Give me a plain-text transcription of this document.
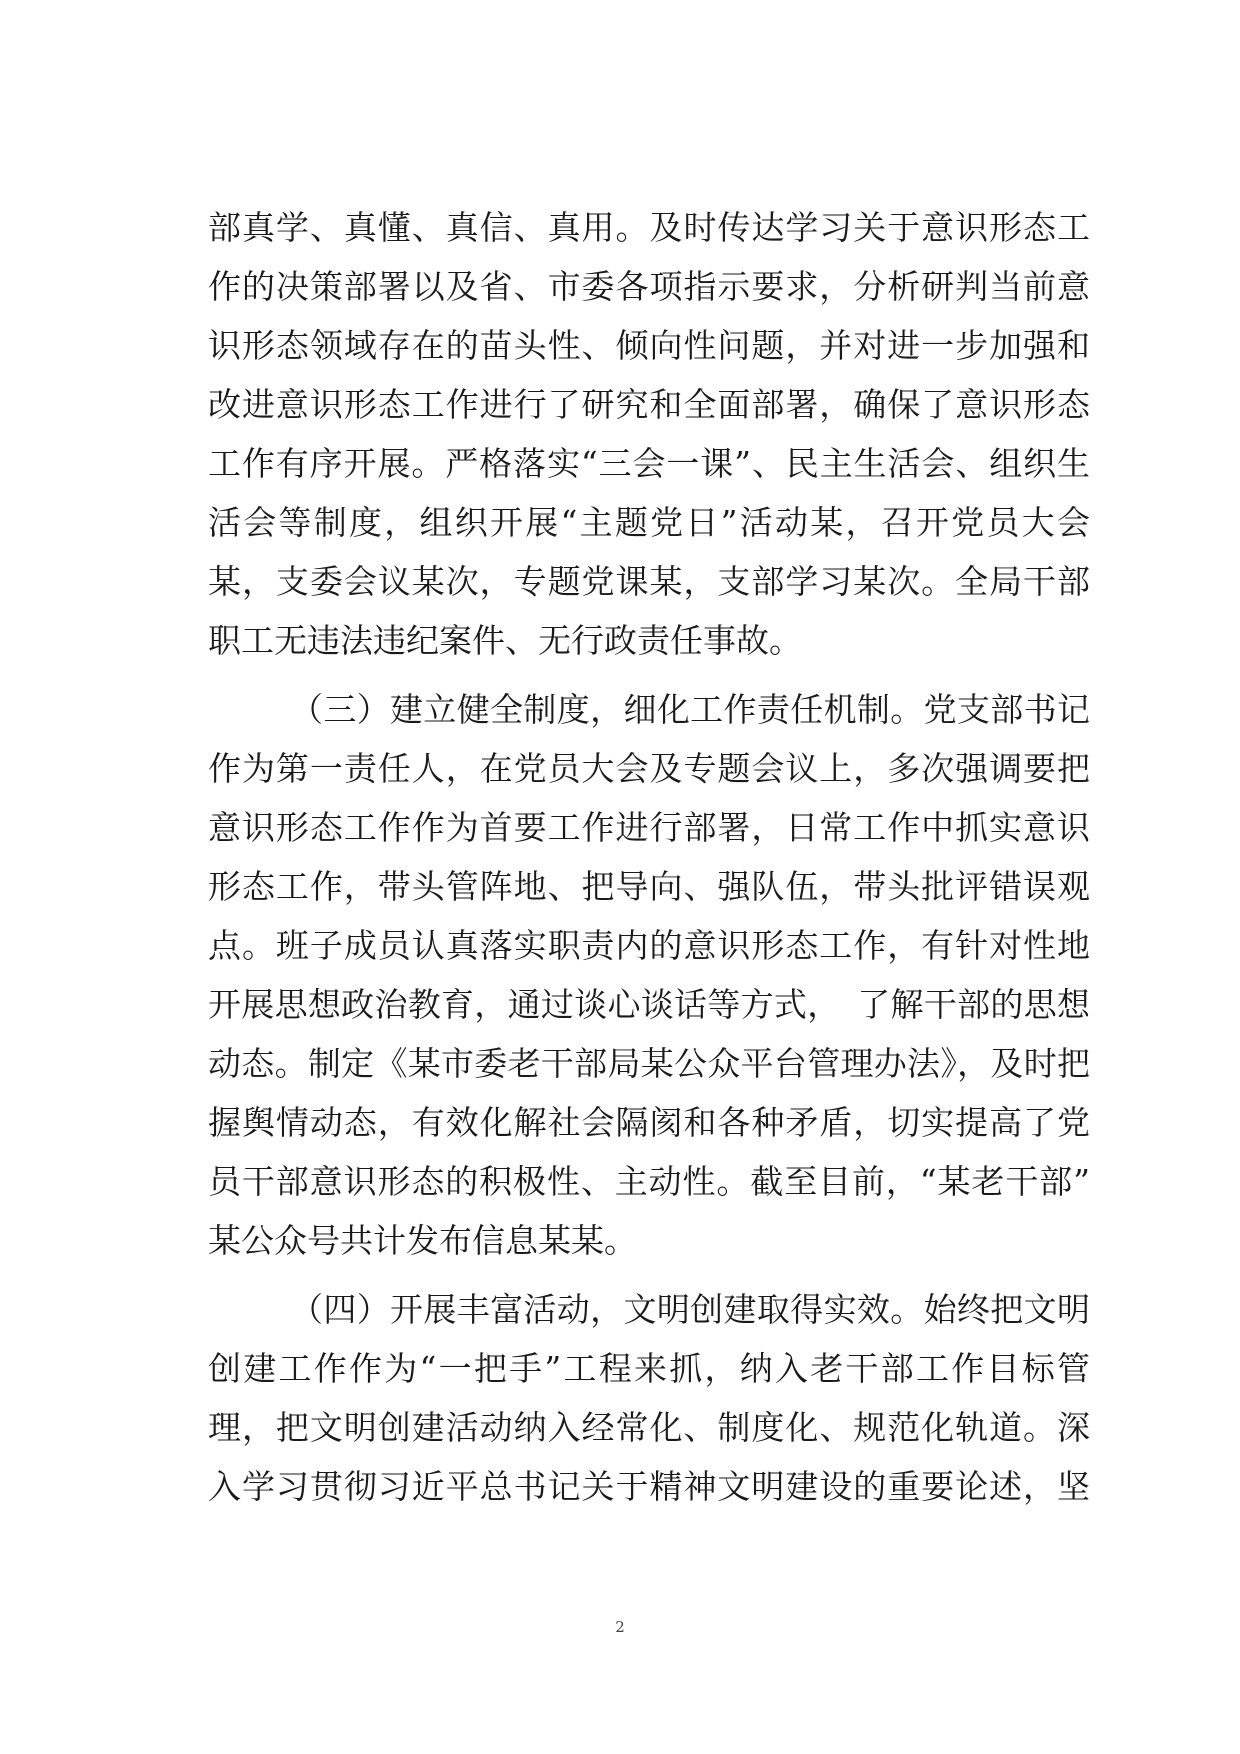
部真学、真懂、真信、真用。及时传达学习关于意识形态工
作的决策部署以及省、市委各项指示要求，分析研判当前意
识形态领域存在的苗头性、倾向性问题，并对进一步加强和
改进意识形态工作进行了研究和全面部署，确保了意识形态
工作有序开展。严格落实“三会一课”、民主生活会、组织生
活会等制度，组织开展“主题党日”活动某，召开党员大会
某，支委会议某次，专题党课某，支部学习某次。全局干部
职工无违法违纪案件、无行政责任事故。
（三）建立健全制度，细化工作责任机制。党支部书记
作为第一责任人，在党员大会及专题会议上，多次强调要把
意识形态工作作为首要工作进行部署，日常工作中抓实意识
形态工作，带头管阵地、把导向、强队伍，带头批评错误观
点。班子成员认真落实职责内的意识形态工作，有针对性地
开展思想政治教育，通过谈心谈话等方式，　了解干部的思想
动态。制定《某市委老干部局某公众平台管理办法》，及时把
握舆情动态，有效化解社会隔阂和各种矛盾，切实提高了党
员干部意识形态的积极性、主动性。截至目前，“某老干部”
某公众号共计发布信息某某。
（四）开展丰富活动，文明创建取得实效。始终把文明
创建工作作为“一把手”工程来抓，纳入老干部工作目标管
理，把文明创建活动纳入经常化、制度化、规范化轨道。深
入学习贯彻习近平总书记关于精神文明建设的重要论述，坚
2
